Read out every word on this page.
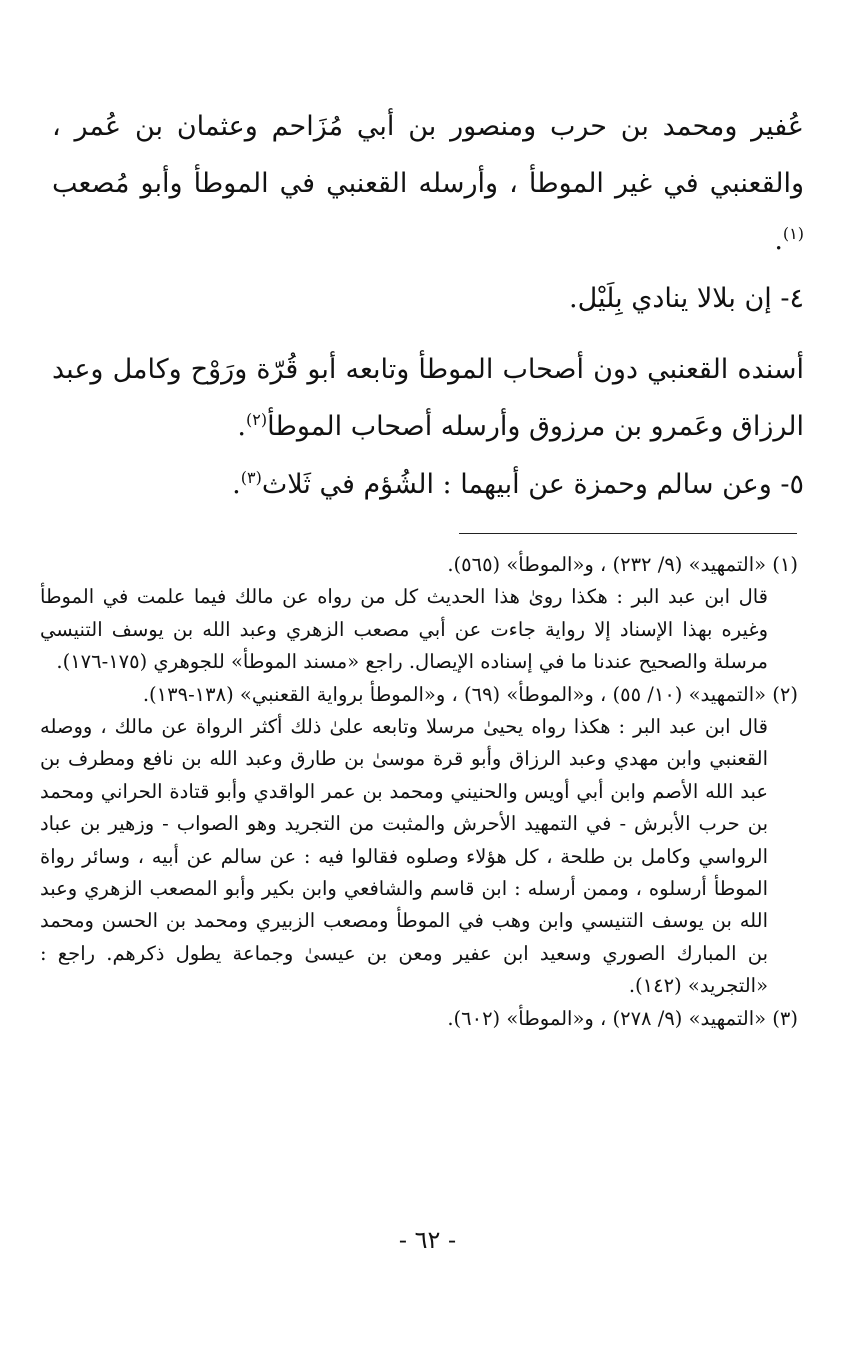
عُفير ومحمد بن حرب ومنصور بن أبي مُزَاحم وعثمان بن عُمر ، والقعنبي في غير الموطأ ، وأرسله القعنبي في الموطأ وأبو مُصعب $^{(١)}$.

٤- إن بلالا ينادي بِلَيْل.

أسنده القعنبي دون أصحاب الموطأ وتابعه أبو قُرّة ورَوْح وكامل وعبد الرزاق وعَمرو بن مرزوق وأرسله أصحاب الموطأ$^{(٢)}$.

٥- وعن سالم وحمزة عن أبيهما : الشُؤم في ثَلاث$^{(٣)}$.

(١) «التمهيد» (٩/ ٢٣٢) ، و«الموطأ» (٥٦٥).
قال ابن عبد البر : هكذا روىٰ هذا الحديث كل من رواه عن مالك فيما علمت في الموطأ وغيره بهذا الإسناد إلا رواية جاءت عن أبي مصعب الزهري وعبد الله بن يوسف التنيسي مرسلة والصحيح عندنا ما في إسناده الإيصال. راجع «مسند الموطأ» للجوهري (١٧٥-١٧٦).
(٢) «التمهيد» (١٠/ ٥٥) ، و«الموطأ» (٦٩) ، و«الموطأ برواية القعنبي» (١٣٨-١٣٩).
قال ابن عبد البر : هكذا رواه يحيىٰ مرسلا وتابعه علىٰ ذلك أكثر الرواة عن مالك ، ووصله القعنبي وابن مهدي وعبد الرزاق وأبو قرة موسىٰ بن طارق وعبد الله بن نافع ومطرف بن عبد الله الأصم وابن أبي أويس والحنيني ومحمد بن عمر الواقدي وأبو قتادة الحراني ومحمد بن حرب الأبرش - في التمهيد الأحرش والمثبت من التجريد وهو الصواب - وزهير بن عباد الرواسي وكامل بن طلحة ، كل هؤلاء وصلوه فقالوا فيه : عن سالم عن أبيه ، وسائر رواة الموطأ أرسلوه ، وممن أرسله : ابن قاسم والشافعي وابن بكير وأبو المصعب الزهري وعبد الله بن يوسف التنيسي وابن وهب في الموطأ ومصعب الزبيري ومحمد بن الحسن ومحمد بن المبارك الصوري وسعيد ابن عفير ومعن بن عيسىٰ وجماعة يطول ذكرهم. راجع : «التجريد» (١٤٢).
(٣) «التمهيد» (٩/ ٢٧٨) ، و«الموطأ» (٦٠٢).
- ٦٢ -
